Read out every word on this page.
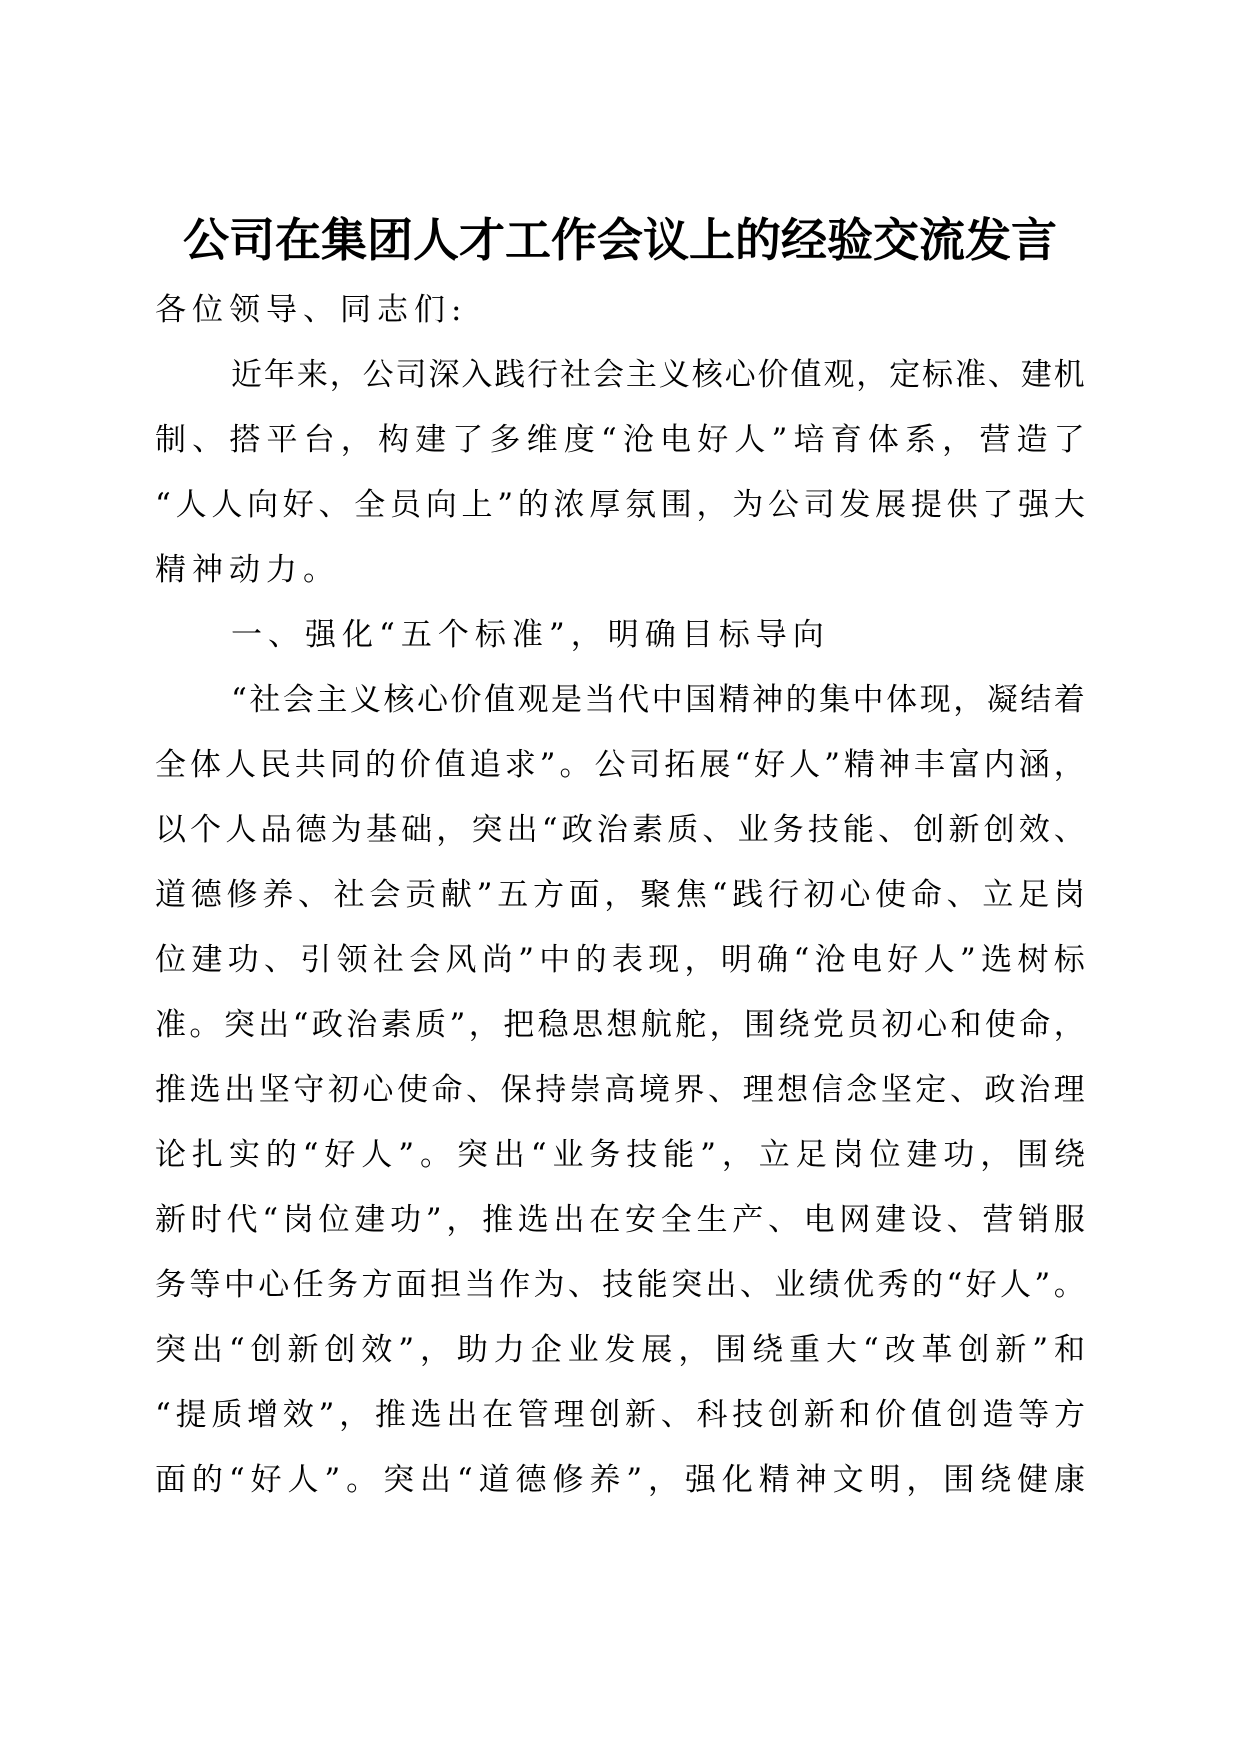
公司在集团人才工作会议上的经验交流发言
各 位 领 导 、 同 志 们 :
近 年 来 ， 公 司 深 入 践 行 社 会 主 义 核 心 价 值 观 ， 定 标 准 、 建 机
制 、 搭 平 台 ， 构 建 了 多 维 度 “ 沧 电 好 人 ” 培 育 体 系 ， 营 造 了
“ 人 人 向 好 、 全 员 向 上 ” 的 浓 厚 氛 围 ， 为 公 司 发 展 提 供 了 强 大
精 神 动 力 。
一 、 强 化 “ 五 个 标 准 ” ， 明 确 目 标 导 向
“ 社 会 主 义 核 心 价 值 观 是 当 代 中 国 精 神 的 集 中 体 现 ， 凝 结 着
全 体 人 民 共 同 的 价 值 追 求 ” 。 公 司 拓 展 “ 好 人 ” 精 神 丰 富 内 涵 ，
以 个 人 品 德 为 基 础 ， 突 出 “ 政 治 素 质 、 业 务 技 能 、 创 新 创 效 、
道 德 修 养 、 社 会 贡 献 ” 五 方 面 ， 聚 焦 “ 践 行 初 心 使 命 、 立 足 岗
位 建 功 、 引 领 社 会 风 尚 ” 中 的 表 现 ， 明 确 “ 沧 电 好 人 ” 选 树 标
准 。 突 出 “ 政 治 素 质 ” ， 把 稳 思 想 航 舵 ， 围 绕 党 员 初 心 和 使 命 ，
推 选 出 坚 守 初 心 使 命 、 保 持 崇 高 境 界 、 理 想 信 念 坚 定 、 政 治 理
论 扎 实 的 “ 好 人 ” 。 突 出 “ 业 务 技 能 ” ， 立 足 岗 位 建 功 ， 围 绕
新 时 代 “ 岗 位 建 功 ” ， 推 选 出 在 安 全 生 产 、 电 网 建 设 、 营 销 服
务 等 中 心 任 务 方 面 担 当 作 为 、 技 能 突 出 、 业 绩 优 秀 的 “ 好 人 ” 。
突 出 “ 创 新 创 效 ” ， 助 力 企 业 发 展 ， 围 绕 重 大 “ 改 革 创 新 ” 和
“ 提 质 增 效 ” ， 推 选 出 在 管 理 创 新 、 科 技 创 新 和 价 值 创 造 等 方
面 的 “ 好 人 ” 。 突 出 “ 道 德 修 养 ” ， 强 化 精 神 文 明 ， 围 绕 健 康
